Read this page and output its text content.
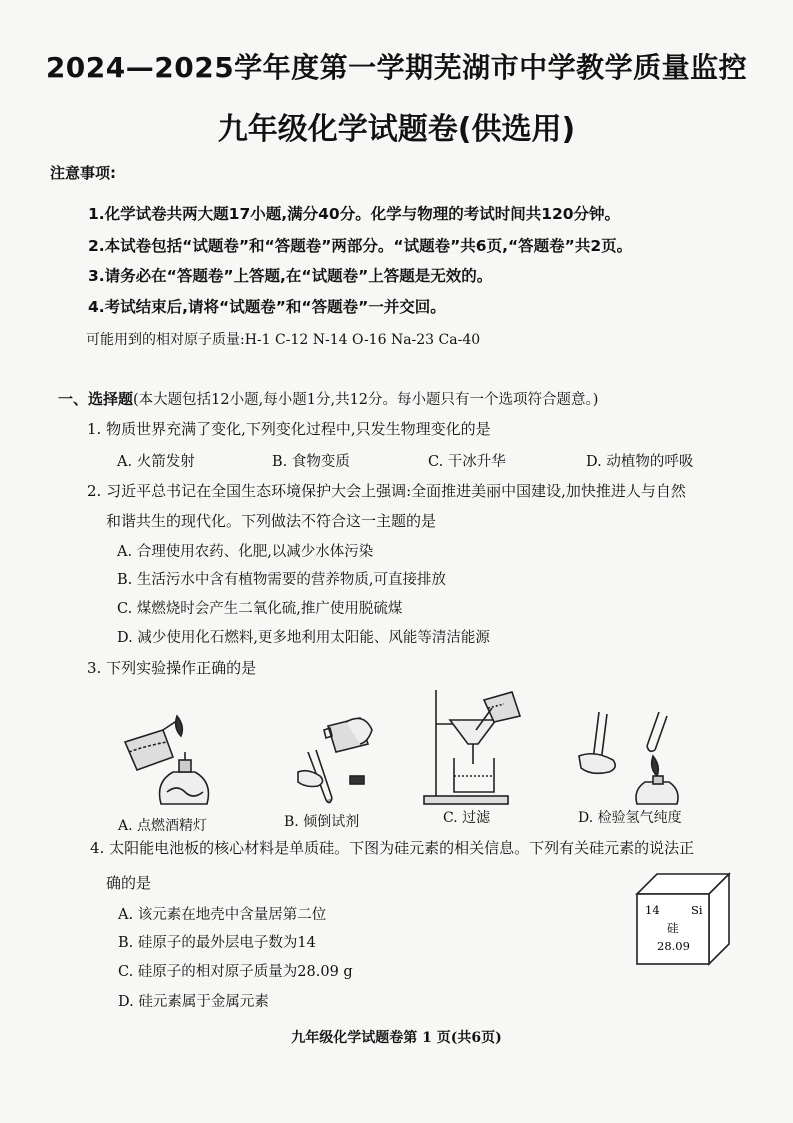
2024—2025学年度第一学期芜湖市中学教学质量监控
九年级化学试题卷(供选用)
注意事项:
1.化学试卷共两大题17小题,满分40分。化学与物理的考试时间共120分钟。
2.本试卷包括“试题卷”和“答题卷”两部分。“试题卷”共6页,“答题卷”共2页。
3.请务必在“答题卷”上答题,在“试题卷”上答题是无效的。
4.考试结束后,请将“试题卷”和“答题卷”一并交回。
可能用到的相对原子质量:H-1 C-12 N-14 O-16 Na-23 Ca-40
一、选择题(本大题包括12小题,每小题1分,共12分。每小题只有一个选项符合题意。)
1. 物质世界充满了变化,下列变化过程中,只发生物理变化的是
A. 火箭发射	B. 食物变质	C. 干冰升华	D. 动植物的呼吸
2. 习近平总书记在全国生态环境保护大会上强调:全面推进美丽中国建设,加快推进人与自然
和谐共生的现代化。下列做法不符合这一主题的是
A. 合理使用农药、化肥,以减少水体污染
B. 生活污水中含有植物需要的营养物质,可直接排放
C. 煤燃烧时会产生二氧化硫,推广使用脱硫煤
D. 减少使用化石燃料,更多地利用太阳能、风能等清洁能源
3. 下列实验操作正确的是
A. 点燃酒精灯	B. 倾倒试剂	C. 过滤	D. 检验氢气纯度
4. 太阳能电池板的核心材料是单质硅。下图为硅元素的相关信息。下列有关硅元素的说法正
确的是
A. 该元素在地壳中含量居第二位
B. 硅原子的最外层电子数为14
C. 硅原子的相对原子质量为28.09 g
D. 硅元素属于金属元素
14	Si
硅
28.09
九年级化学试题卷第 1 页(共6页)
